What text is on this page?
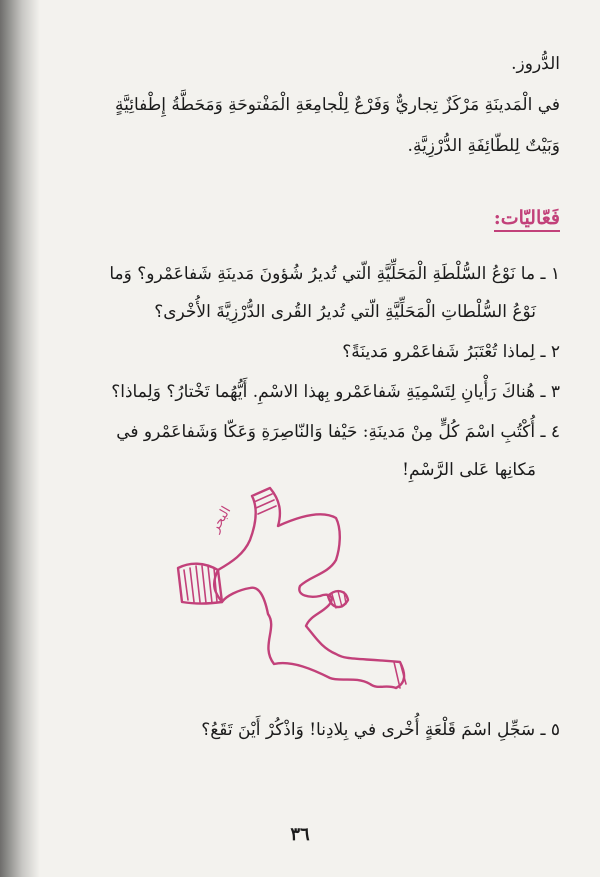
الدُّروز.
في الْمَدينَةِ مَرْكَزٌ تِجاريٌّ وَفَرْعٌ لِلْجامِعَةِ الْمَفْتوحَةِ وَمَحَطَّةُ إِطْفائِيَّةٍ
وَبَيْتٌ لِلطّائِفَةِ الدُّرْزِيَّةِ.
فَعّاليّات:
١ ـ ما نَوْعُ السُّلْطَةِ الْمَحَلِّيَّةِ الّتي تُديرُ شُؤونَ مَدينَةِ شَفاعَمْرو؟ وَما
نَوْعُ السُّلْطاتِ الْمَحَلِّيَّةِ الّتي تُديرُ القُرى الدُّرْزِيَّةَ الأُخْرى؟
٢ ـ لِماذا تُعْتَبَرُ شَفاعَمْرو مَدينَةً؟
٣ ـ هُناكَ رَأْيانِ لِتَسْمِيَةِ شَفاعَمْرو بِهذا الاسْمِ. أَيُّهُما تَخْتارُ؟ وَلِماذا؟
٤ ـ أُكْتُبِ اسْمَ كُلٍّ مِنْ مَدينَةِ: حَيْفا وَالنّاصِرَةِ وَعَكّا وَشَفاعَمْرو في
مَكانِها عَلى الرَّسْمِ!
البحر
٥ ـ سَجِّلِ اسْمَ قَلْعَةٍ أُخْرى في بِلادِنا! وَاذْكُرْ أَيْنَ تَقَعُ؟
٣٦
